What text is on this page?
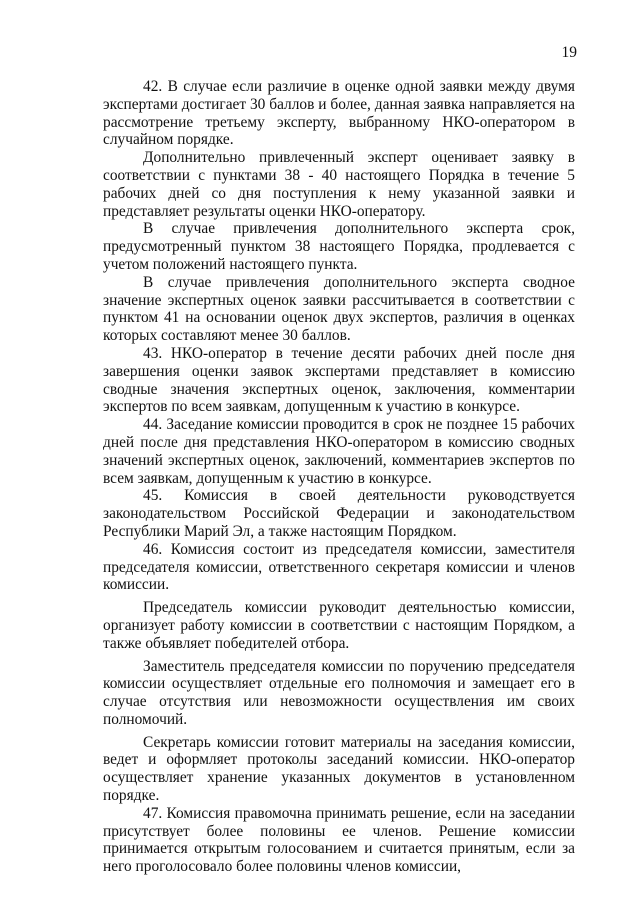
19

42. В случае если различие в оценке одной заявки между двумя экспертами достигает 30 баллов и более, данная заявка направляется на рассмотрение третьему эксперту, выбранному НКО-оператором в случайном порядке.

Дополнительно привлеченный эксперт оценивает заявку в соответствии с пунктами 38 - 40 настоящего Порядка в течение 5 рабочих дней со дня поступления к нему указанной заявки и представляет результаты оценки НКО-оператору.

В случае привлечения дополнительного эксперта срок, предусмотренный пунктом 38 настоящего Порядка, продлевается с учетом положений настоящего пункта.

В случае привлечения дополнительного эксперта сводное значение экспертных оценок заявки рассчитывается в соответствии с пунктом 41 на основании оценок двух экспертов, различия в оценках которых составляют менее 30 баллов.

43. НКО-оператор в течение десяти рабочих дней после дня завершения оценки заявок экспертами представляет в комиссию сводные значения экспертных оценок, заключения, комментарии экспертов по всем заявкам, допущенным к участию в конкурсе.

44. Заседание комиссии проводится в срок не позднее 15 рабочих дней после дня представления НКО-оператором в комиссию сводных значений экспертных оценок, заключений, комментариев экспертов по всем заявкам, допущенным к участию в конкурсе.

45. Комиссия в своей деятельности руководствуется законодательством Российской Федерации и законодательством Республики Марий Эл, а также настоящим Порядком.

46. Комиссия состоит из председателя комиссии, заместителя председателя комиссии, ответственного секретаря комиссии и членов комиссии.

Председатель комиссии руководит деятельностью комиссии, организует работу комиссии в соответствии с настоящим Порядком, а также объявляет победителей отбора.

Заместитель председателя комиссии по поручению председателя комиссии осуществляет отдельные его полномочия и замещает его в случае отсутствия или невозможности осуществления им своих полномочий.

Секретарь комиссии готовит материалы на заседания комиссии, ведет и оформляет протоколы заседаний комиссии. НКО-оператор осуществляет хранение указанных документов в установленном порядке.

47. Комиссия правомочна принимать решение, если на заседании присутствует более половины ее членов. Решение комиссии принимается открытым голосованием и считается принятым, если за него проголосовало более половины членов комиссии,
